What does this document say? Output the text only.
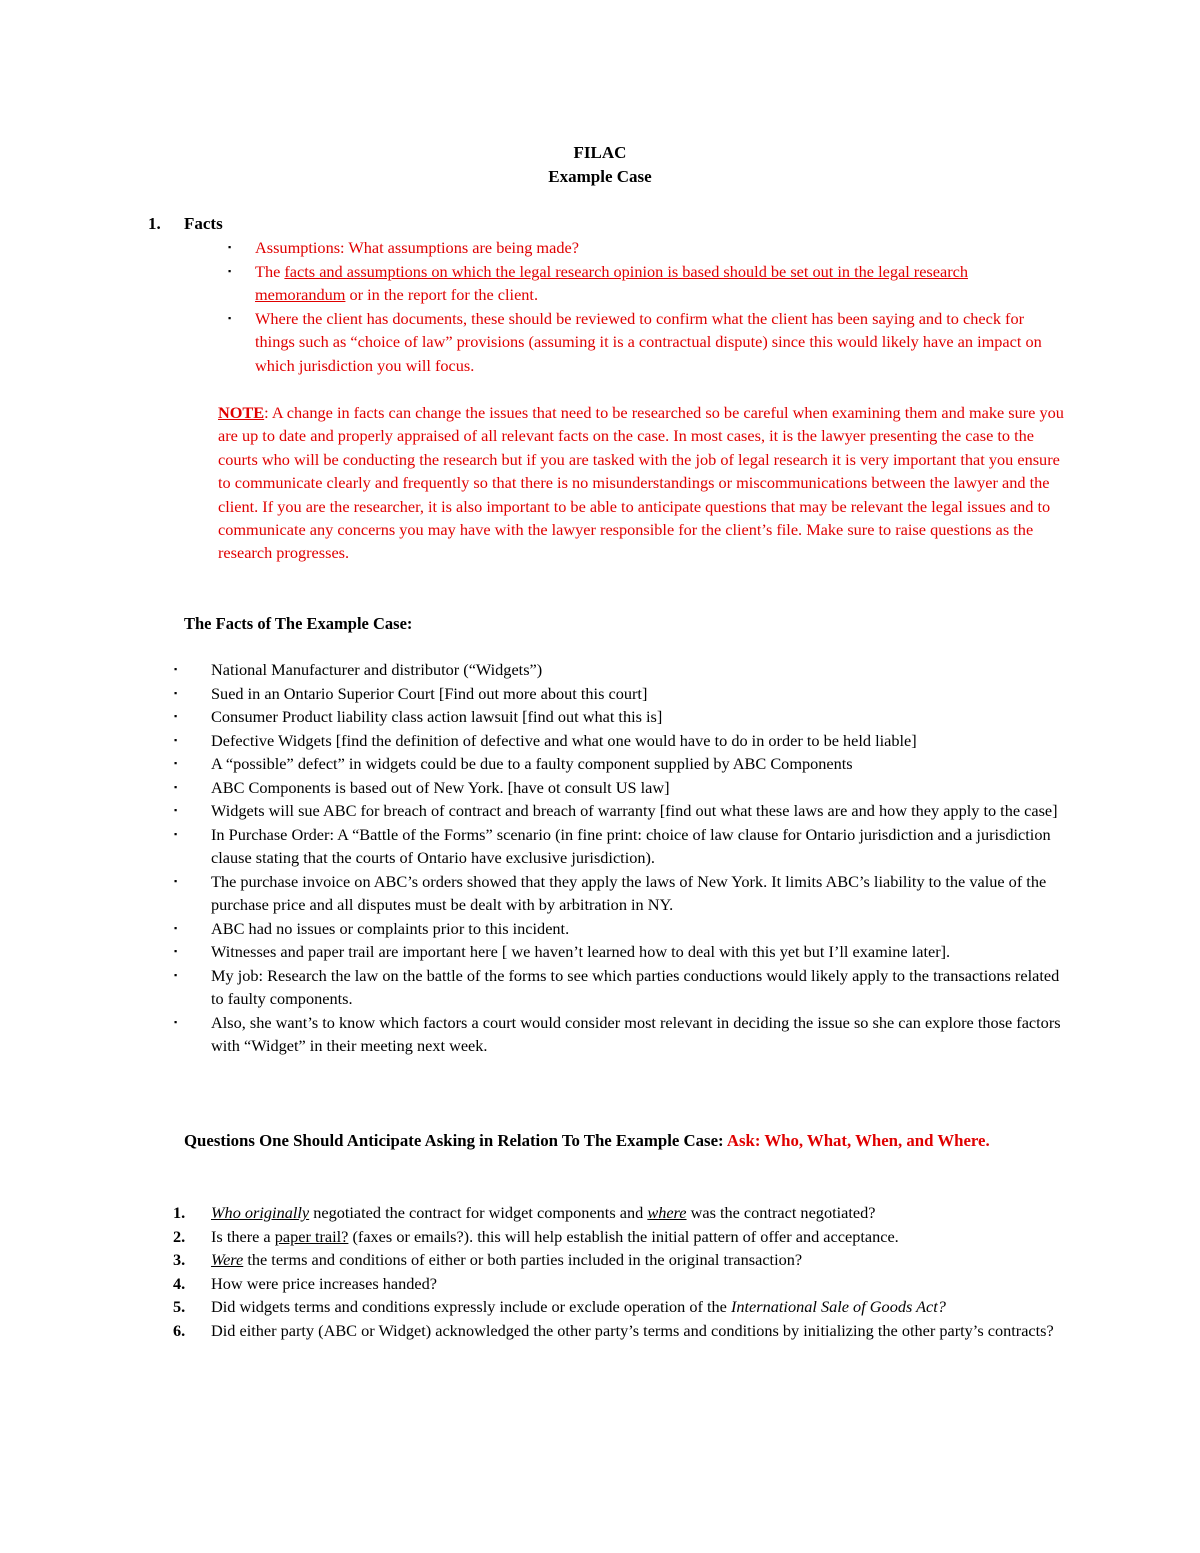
FILAC
Example Case
1. Facts
▪ Assumptions: What assumptions are being made?
▪ The facts and assumptions on which the legal research opinion is based should be set out in the legal research memorandum or in the report for the client.
▪ Where the client has documents, these should be reviewed to confirm what the client has been saying and to check for things such as “choice of law” provisions (assuming it is a contractual dispute) since this would likely have an impact on which jurisdiction you will focus.

NOTE: A change in facts can change the issues that need to be researched so be careful when examining them and make sure you are up to date and properly appraised of all relevant facts on the case. In most cases, it is the lawyer presenting the case to the courts who will be conducting the research but if you are tasked with the job of legal research it is very important that you ensure to communicate clearly and frequently so that there is no misunderstandings or miscommunications between the lawyer and the client. If you are the researcher, it is also important to be able to anticipate questions that may be relevant the legal issues and to communicate any concerns you may have with the lawyer responsible for the client’s file. Make sure to raise questions as the research progresses.

The Facts of The Example Case:
▪ National Manufacturer and distributor (“Widgets”)
▪ Sued in an Ontario Superior Court [Find out more about this court]
▪ Consumer Product liability class action lawsuit [find out what this is]
▪ Defective Widgets [find the definition of defective and what one would have to do in order to be held liable]
▪ A “possible” defect” in widgets could be due to a faulty component supplied by ABC Components
▪ ABC Components is based out of New York. [have ot consult US law]
▪ Widgets will sue ABC for breach of contract and breach of warranty [find out what these laws are and how they apply to the case]
▪ In Purchase Order: A “Battle of the Forms” scenario (in fine print: choice of law clause for Ontario jurisdiction and a jurisdiction clause stating that the courts of Ontario have exclusive jurisdiction).
▪ The purchase invoice on ABC’s orders showed that they apply the laws of New York. It limits ABC’s liability to the value of the purchase price and all disputes must be dealt with by arbitration in NY.
▪ ABC had no issues or complaints prior to this incident.
▪ Witnesses and paper trail are important here [ we haven’t learned how to deal with this yet but I’ll examine later].
▪ My job: Research the law on the battle of the forms to see which parties conductions would likely apply to the transactions related to faulty components.
▪ Also, she want’s to know which factors a court would consider most relevant in deciding the issue so she can explore those factors with “Widget” in their meeting next week.
Questions One Should Anticipate Asking in Relation To The Example Case: Ask: Who, What, When, and Where.
1. Who originally negotiated the contract for widget components and where was the contract negotiated?
2. Is there a paper trail? (faxes or emails?). this will help establish the initial pattern of offer and acceptance.
3. Were the terms and conditions of either or both parties included in the original transaction?
4. How were price increases handed?
5. Did widgets terms and conditions expressly include or exclude operation of the International Sale of Goods Act?
6. Did either party (ABC or Widget) acknowledged the other party’s terms and conditions by initializing the other party’s contracts?
